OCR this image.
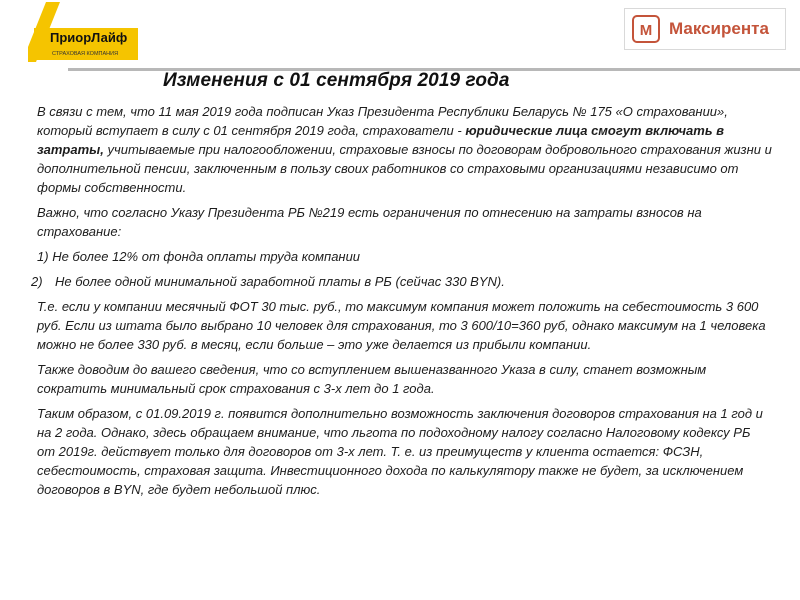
ПриорЛайф
СТРАХОВАЯ КОМПАНИЯ
М Максирента
Изменения с 01 сентября 2019 года

В связи с тем, что 11 мая 2019 года подписан Указ Президента Республики Беларусь № 175 «О страховании», который вступает в силу с 01 сентября 2019 года, страхователи - юридические лица смогут включать в затраты, учитываемые при налогообложении, страховые взносы по договорам добровольного страхования жизни и дополнительной пенсии, заключенным в пользу своих работников со страховыми организациями независимо от формы собственности.

Важно, что согласно Указу Президента РБ №219 есть ограничения по отнесению на затраты взносов на страхование:

1) Не более 12% от фонда оплаты труда компании

2) Не более одной минимальной заработной платы в РБ (сейчас 330 BYN).

Т.е. если у компании месячный ФОТ 30 тыс. руб., то максимум компания может положить на себестоимость 3 600 руб. Если из штата было выбрано 10 человек для страхования, то 3 600/10=360 руб, однако максимум на 1 человека можно не более 330 руб. в месяц, если больше – это уже делается из прибыли компании.

Также доводим до вашего сведения, что со вступлением вышеназванного Указа в силу, станет возможным сократить минимальный срок страхования с 3-х лет до 1 года.

Таким образом, с 01.09.2019 г. появится дополнительно возможность заключения договоров страхования на 1 год и на 2 года. Однако, здесь обращаем внимание, что льгота по подоходному налогу согласно Налоговому кодексу РБ от 2019г. действует только для договоров от 3-х лет. Т. е. из преимуществ у клиента остается: ФСЗН, себестоимость, страховая защита. Инвестиционного дохода по калькулятору также не будет, за исключением договоров в BYN, где будет небольшой плюс.
